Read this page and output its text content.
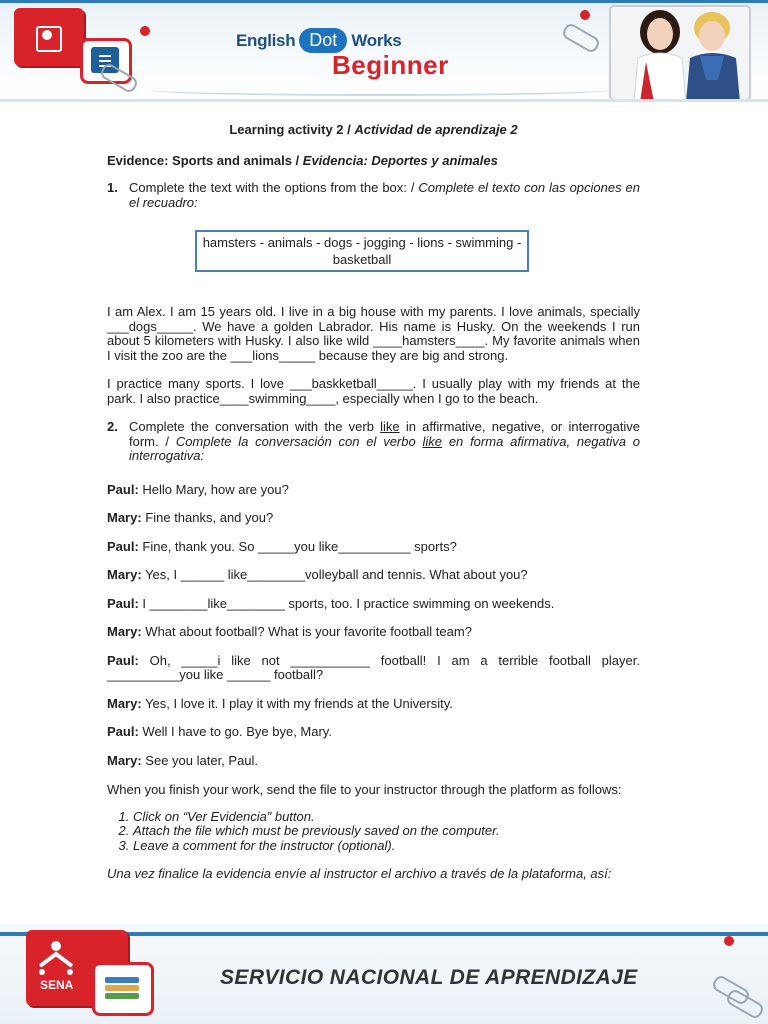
English Dot Works
Beginner
Learning activity 2 / Actividad de aprendizaje 2
Evidence: Sports and animals / Evidencia: Deportes y animales
1. Complete the text with the options from the box: / Complete el texto con las opciones en el recuadro:
hamsters - animals - dogs - jogging - lions - swimming - basketball

I am Alex. I am 15 years old. I live in a big house with my parents. I love animals, specially ___dogs_____. We have a golden Labrador. His name is Husky. On the weekends I run about 5 kilometers with Husky. I also like wild ____hamsters____. My favorite animals when I visit the zoo are the ___lions_____ because they are big and strong.

I practice many sports. I love ___baskketball_____. I usually play with my friends at the park. I also practice____swimming____, especially when I go to the beach.

2. Complete the conversation with the verb like in affirmative, negative, or interrogative form. / Complete la conversación con el verbo like en forma afirmativa, negativa o interrogativa:

Paul: Hello Mary, how are you?

Mary: Fine thanks, and you?

Paul: Fine, thank you. So _____you like__________ sports?

Mary: Yes, I ______ like________volleyball and tennis. What about you?

Paul: I ________like________ sports, too. I practice swimming on weekends.

Mary: What about football? What is your favorite football team?

Paul: Oh, _____i like not ___________ football! I am a terrible football player. __________you like ______ football?

Mary: Yes, I love it. I play it with my friends at the University.

Paul: Well I have to go. Bye bye, Mary.

Mary: See you later, Paul.

When you finish your work, send the file to your instructor through the platform as follows:

1. Click on “Ver Evidencia” button.
2. Attach the file which must be previously saved on the computer.
3. Leave a comment for the instructor (optional).

Una vez finalice la evidencia envíe al instructor el archivo a través de la plataforma, así:

SENA	SERVICIO NACIONAL DE APRENDIZAJE
